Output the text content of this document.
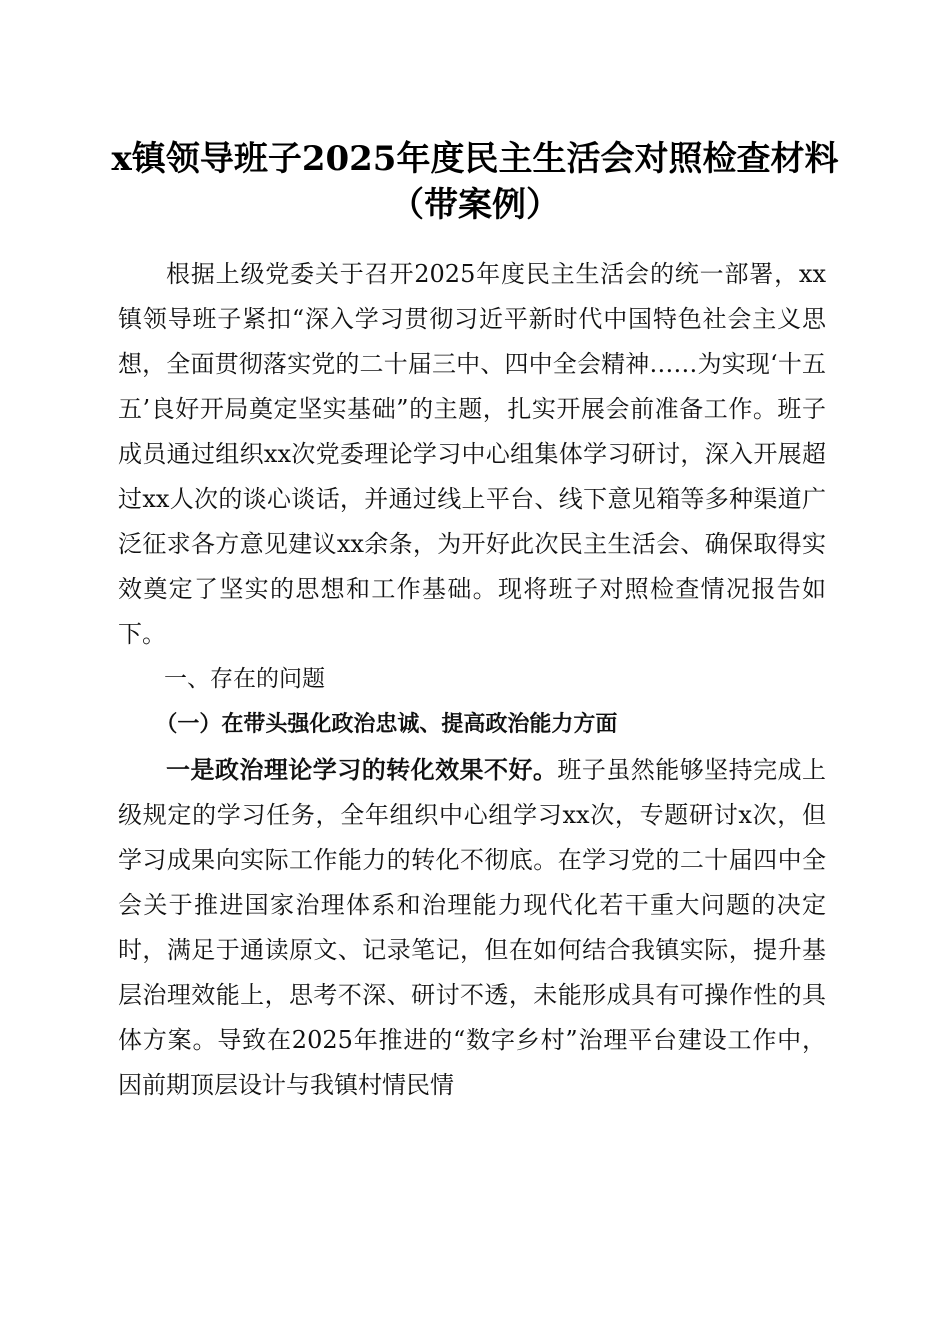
x镇领导班子2025年度民主生活会对照检查材料（带案例）

根据上级党委关于召开2025年度民主生活会的统一部署，xx镇领导班子紧扣“深入学习贯彻习近平新时代中国特色社会主义思想，全面贯彻落实党的二十届三中、四中全会精神……为实现‘十五五’良好开局奠定坚实基础”的主题，扎实开展会前准备工作。班子成员通过组织xx次党委理论学习中心组集体学习研讨，深入开展超过xx人次的谈心谈话，并通过线上平台、线下意见箱等多种渠道广泛征求各方意见建议xx余条，为开好此次民主生活会、确保取得实效奠定了坚实的思想和工作基础。现将班子对照检查情况报告如下。

一、存在的问题

（一）在带头强化政治忠诚、提高政治能力方面

一是政治理论学习的转化效果不好。班子虽然能够坚持完成上级规定的学习任务，全年组织中心组学习xx次，专题研讨x次，但学习成果向实际工作能力的转化不彻底。在学习党的二十届四中全会关于推进国家治理体系和治理能力现代化若干重大问题的决定时，满足于通读原文、记录笔记，但在如何结合我镇实际，提升基层治理效能上，思考不深、研讨不透，未能形成具有可操作性的具体方案。导致在2025年推进的“数字乡村”治理平台建设工作中，因前期顶层设计与我镇村情民情
